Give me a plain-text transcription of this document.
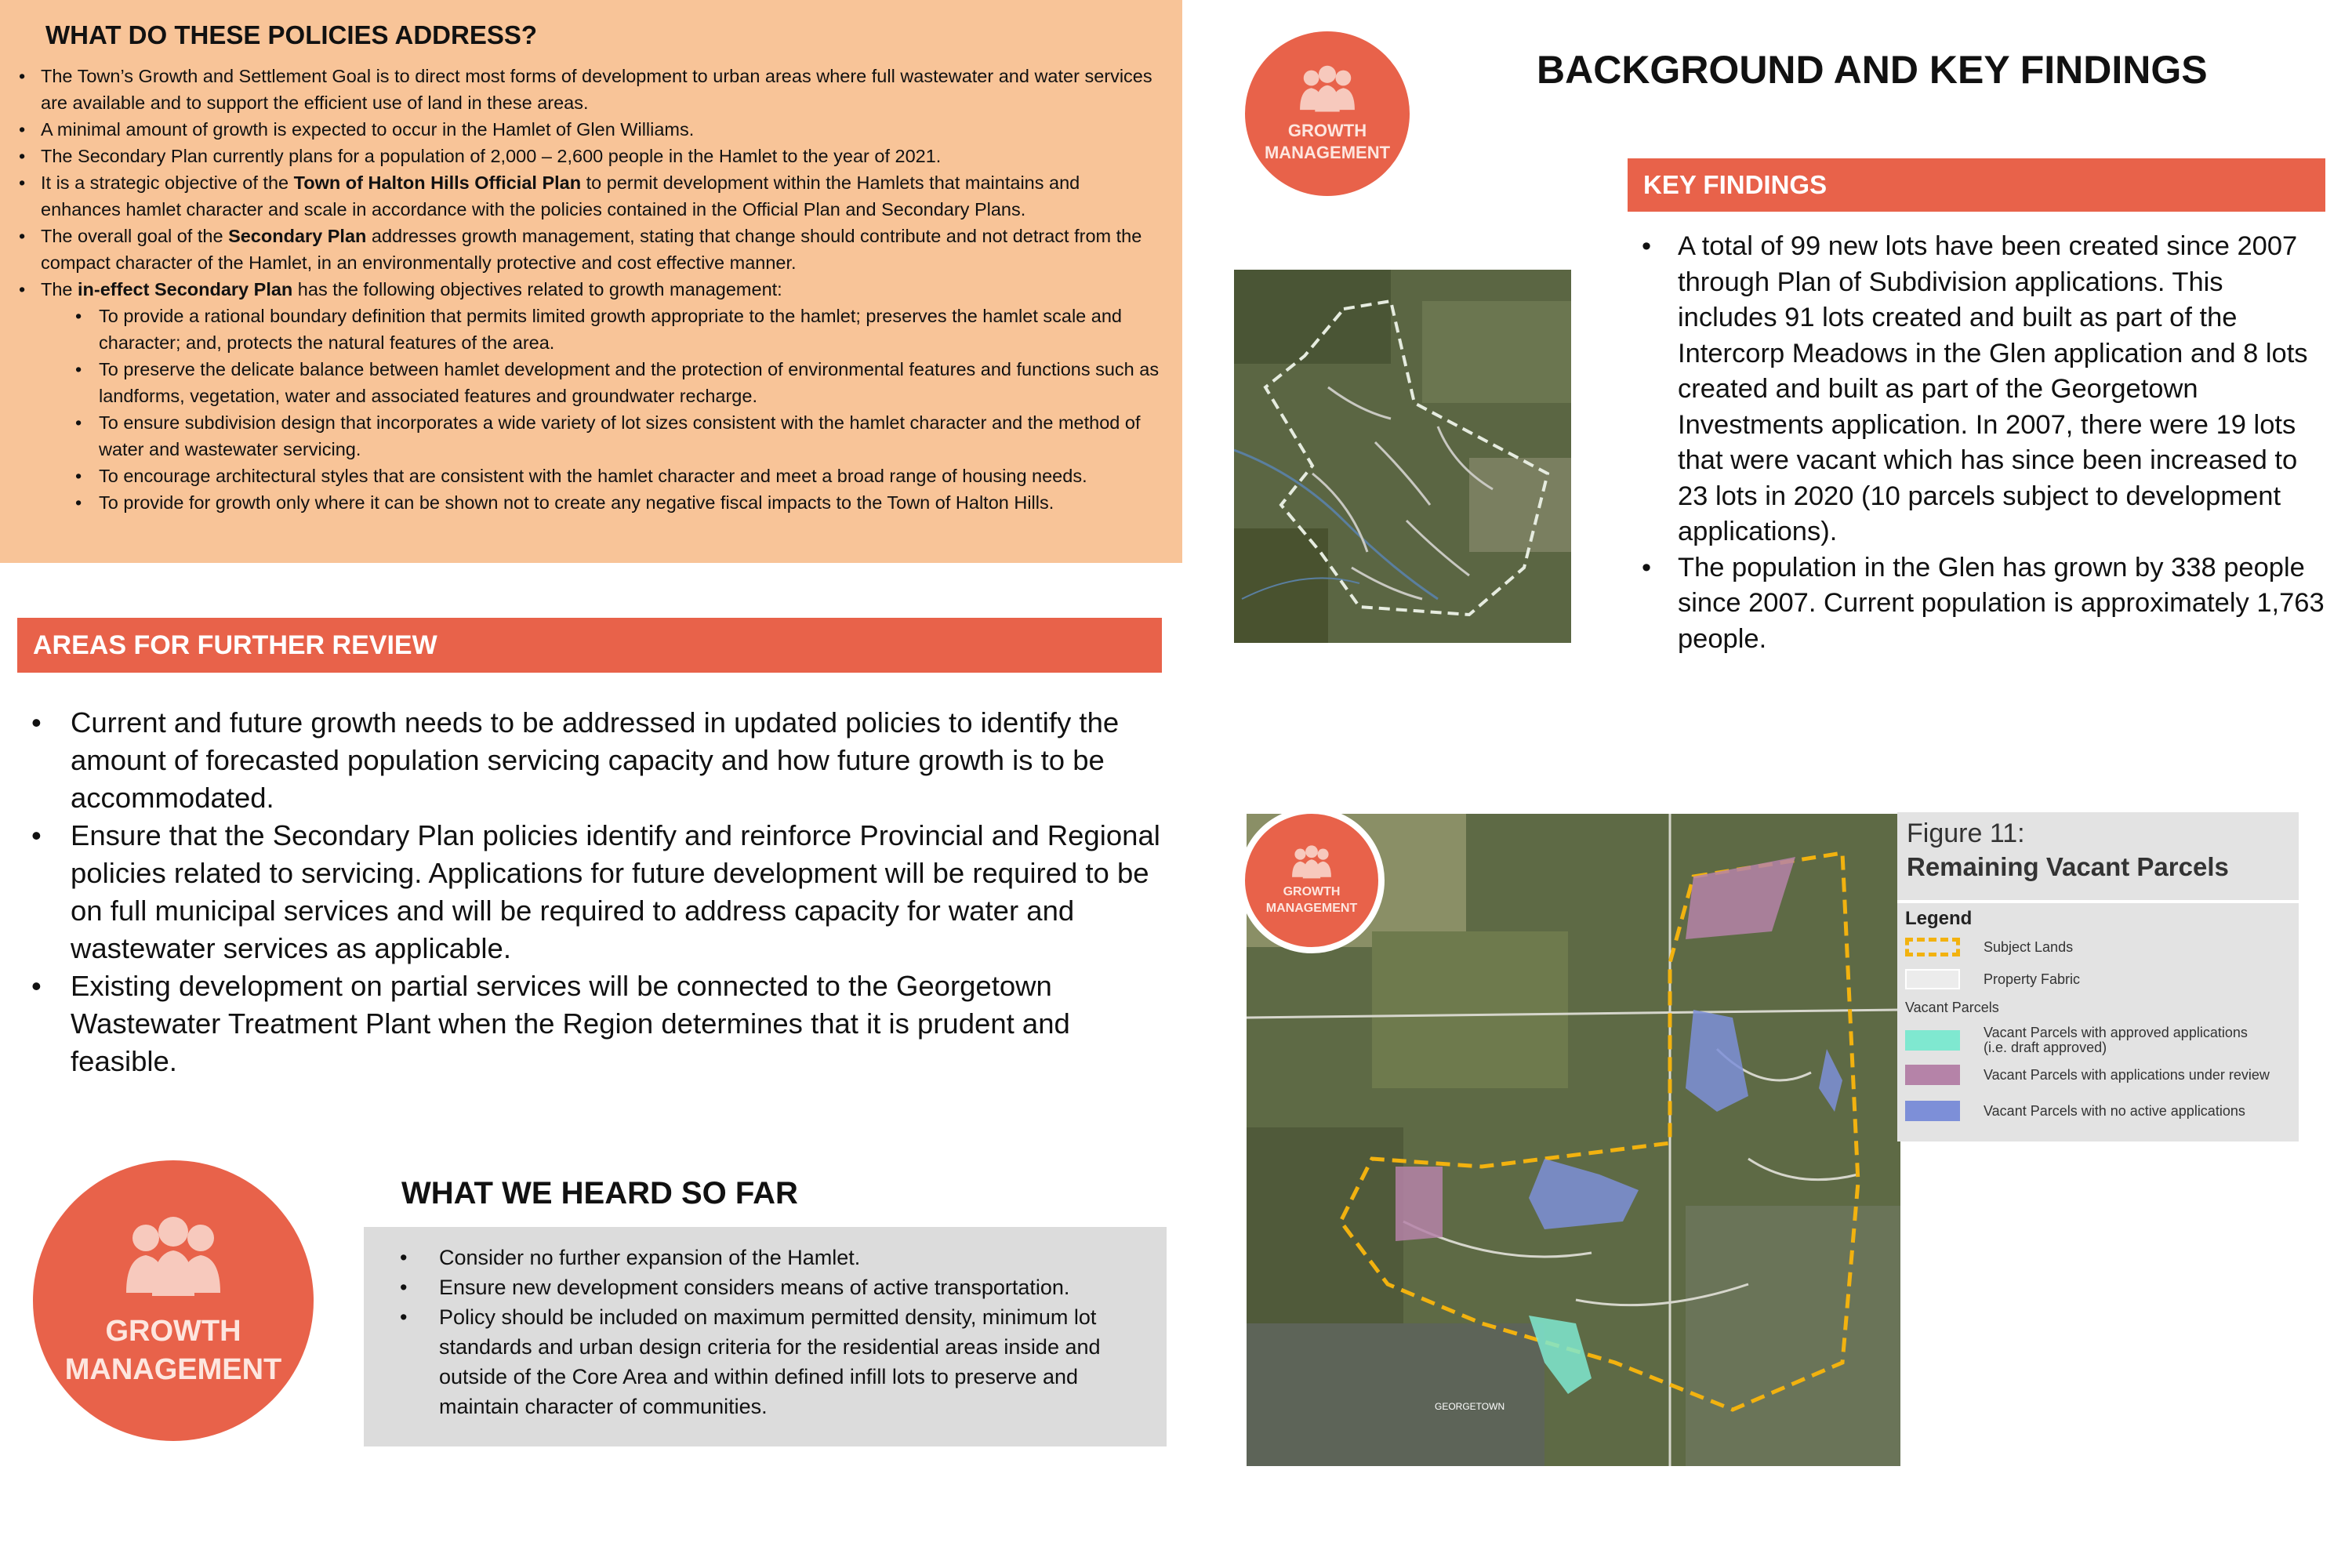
WHAT DO THESE POLICIES ADDRESS?
• The Town’s Growth and Settlement Goal is to direct most forms of development to urban areas where full wastewater and water services are available and to support the efficient use of land in these areas.
• A minimal amount of growth is expected to occur in the Hamlet of Glen Williams.
• The Secondary Plan currently plans for a population of 2,000 – 2,600 people in the Hamlet to the year of 2021.
• It is a strategic objective of the Town of Halton Hills Official Plan to permit development within the Hamlets that maintains and enhances hamlet character and scale in accordance with the policies contained in the Official Plan and Secondary Plans.
• The overall goal of the Secondary Plan addresses growth management, stating that change should contribute and not detract from the compact character of the Hamlet, in an environmentally protective and cost effective manner.
• The in-effect Secondary Plan has the following objectives related to growth management:
• To provide a rational boundary definition that permits limited growth appropriate to the hamlet; preserves the hamlet scale and character; and, protects the natural features of the area.
• To preserve the delicate balance between hamlet development and the protection of environmental features and functions such as landforms, vegetation, water and associated features and groundwater recharge.
• To ensure subdivision design that incorporates a wide variety of lot sizes consistent with the hamlet character and the method of water and wastewater servicing.
• To encourage architectural styles that are consistent with the hamlet character and meet a broad range of housing needs.
• To provide for growth only where it can be shown not to create any negative fiscal impacts to the Town of Halton Hills.
AREAS FOR FURTHER REVIEW
• Current and future growth needs to be addressed in updated policies to identify the amount of forecasted population servicing capacity and how future growth is to be accommodated.
• Ensure that the Secondary Plan policies identify and reinforce Provincial and Regional policies related to servicing. Applications for future development will be required to be on full municipal services and will be required to address capacity for water and wastewater services as applicable.
• Existing development on partial services will be connected to the Georgetown Wastewater Treatment Plant when the Region determines that it is prudent and feasible.
GROWTH
MANAGEMENT
WHAT WE HEARD SO FAR
• Consider no further expansion of the Hamlet.
• Ensure new development considers means of active transportation.
• Policy should be included on maximum permitted density, minimum lot standards and urban design criteria for the residential areas inside and outside of the Core Area and within defined infill lots to preserve and maintain character of communities.
GROWTH
MANAGEMENT
BACKGROUND AND KEY FINDINGS
KEY FINDINGS
• A total of 99 new lots have been created since 2007 through Plan of Subdivision applications. This includes 91 lots created and built as part of the Intercorp Meadows in the Glen application and 8 lots created and built as part of the Georgetown Investments application. In 2007, there were 19 lots that were vacant which has since been increased to 23 lots in 2020 (10 parcels subject to development applications).
• The population in the Glen has grown by 338 people since 2007. Current population is approximately 1,763 people.
GEORGETOWN
GROWTH
MANAGEMENT
Figure 11:
Remaining Vacant Parcels
Legend
Subject Lands
Property Fabric
Vacant Parcels
Vacant Parcels with approved applications
(i.e. draft approved)
Vacant Parcels with applications under review
Vacant Parcels with no active applications
